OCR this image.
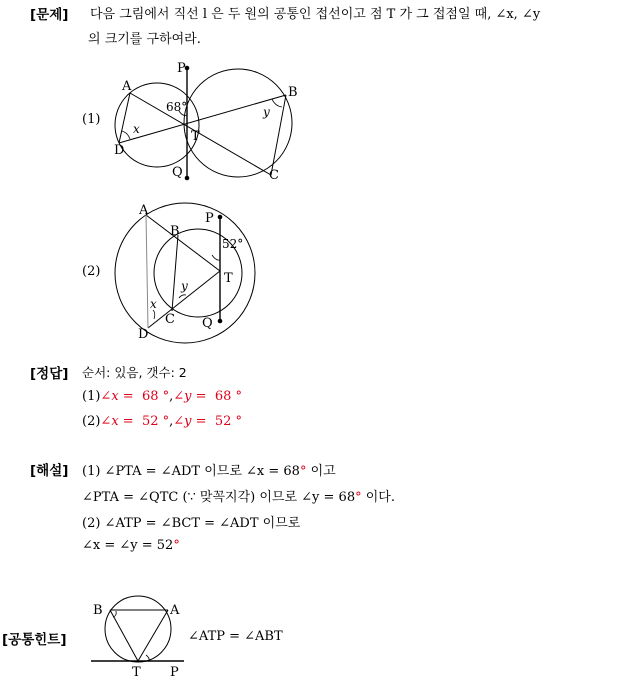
[문제] 다음 그림에서 직선 l 은 두 원의 공통인 접선이고 점 T 가 그 접점일 때, ∠x, ∠y
의 크기를 구하여라.
(1)
P
A	B
T
D
Q	C
68°
x
y
(2)
A
P
B
T
Q
D
C
52°
x
y
[정답] 순서: 있음, 갯수: 2
(1)∠x =  68 °,∠y =  68 °
(2)∠x =  52 °,∠y =  52 °
[해설] (1) ∠PTA = ∠ADT 이므로 ∠x = 68° 이고
∠PTA = ∠QTC (∵ 맞꼭지각) 이므로 ∠y = 68° 이다.
(2) ∠ATP = ∠BCT = ∠ADT 이므로
∠x = ∠y = 52°
[공통힌트]
B	A
T P
∠ATP = ∠ABT
